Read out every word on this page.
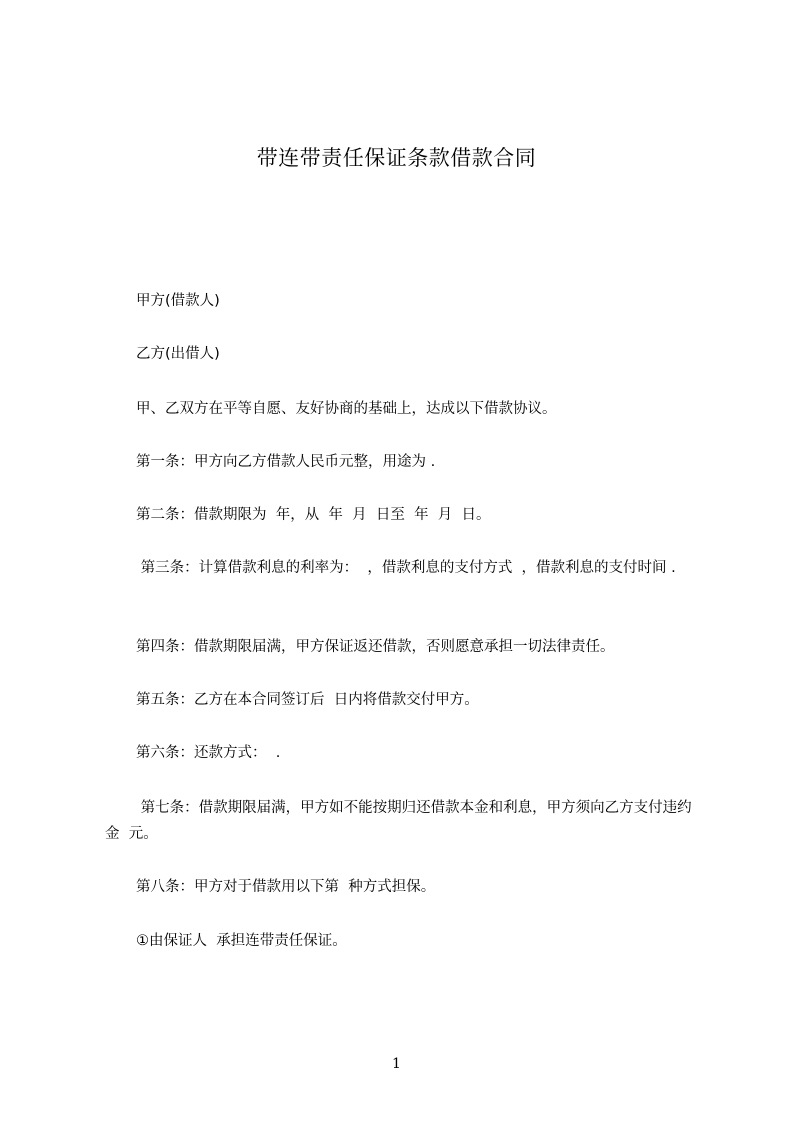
带连带责任保证条款借款合同

甲方(借款人)

乙方(出借人)

甲、乙双方在平等自愿、友好协商的基础上，达成以下借款协议。

第一条：甲方向乙方借款人民币元整，用途为 .

第二条：借款期限为  年，从  年  月  日至  年  月  日。

第三条：计算借款利息的利率为：  ，借款利息的支付方式  ，借款利息的支付时间 .

第四条：借款期限届满，甲方保证返还借款，否则愿意承担一切法律责任。

第五条：乙方在本合同签订后  日内将借款交付甲方。

第六条：还款方式：  .

第七条：借款期限届满，甲方如不能按期归还借款本金和利息，甲方须向乙方支付违约金  元。

第八条：甲方对于借款用以下第  种方式担保。

①由保证人  承担连带责任保证。

1
